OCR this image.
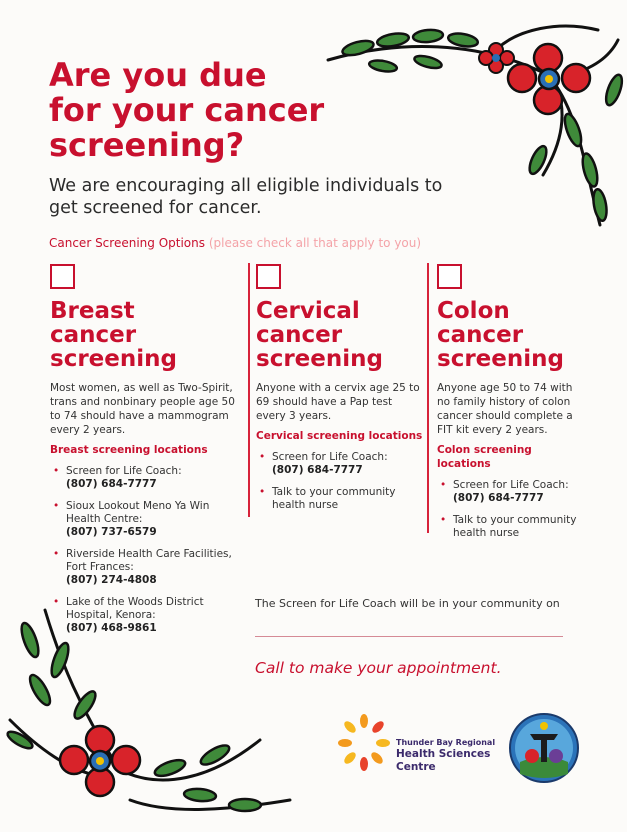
Are you due
for your cancer
screening?
We are encouraging all eligible individuals to get screened for cancer.
Cancer Screening Options (please check all that apply to you)
Breast
cancer
screening

Most women, as well as Two-Spirit, trans and nonbinary people age 50 to 74 should have a mammogram every 2 years.

Breast screening locations
• Screen for Life Coach:
(807) 684-7777
• Sioux Lookout Meno Ya Win Health Centre:
(807) 737-6579
• Riverside Health Care Facilities, Fort Frances:
(807) 274-4808
• Lake of the Woods District Hospital, Kenora:
(807) 468-9861
Cervical
cancer
screening

Anyone with a cervix age 25 to 69 should have a Pap test every 3 years.

Cervical screening locations
• Screen for Life Coach:
(807) 684-7777
• Talk to your community health nurse
Colon
cancer
screening

Anyone age 50 to 74 with no family history of colon cancer should complete a FIT kit every 2 years.

Colon screening locations
• Screen for Life Coach:
(807) 684-7777
• Talk to your community health nurse
The Screen for Life Coach will be in your community on
Call to make your appointment.
Thunder Bay Regional
Health Sciences
Centre
